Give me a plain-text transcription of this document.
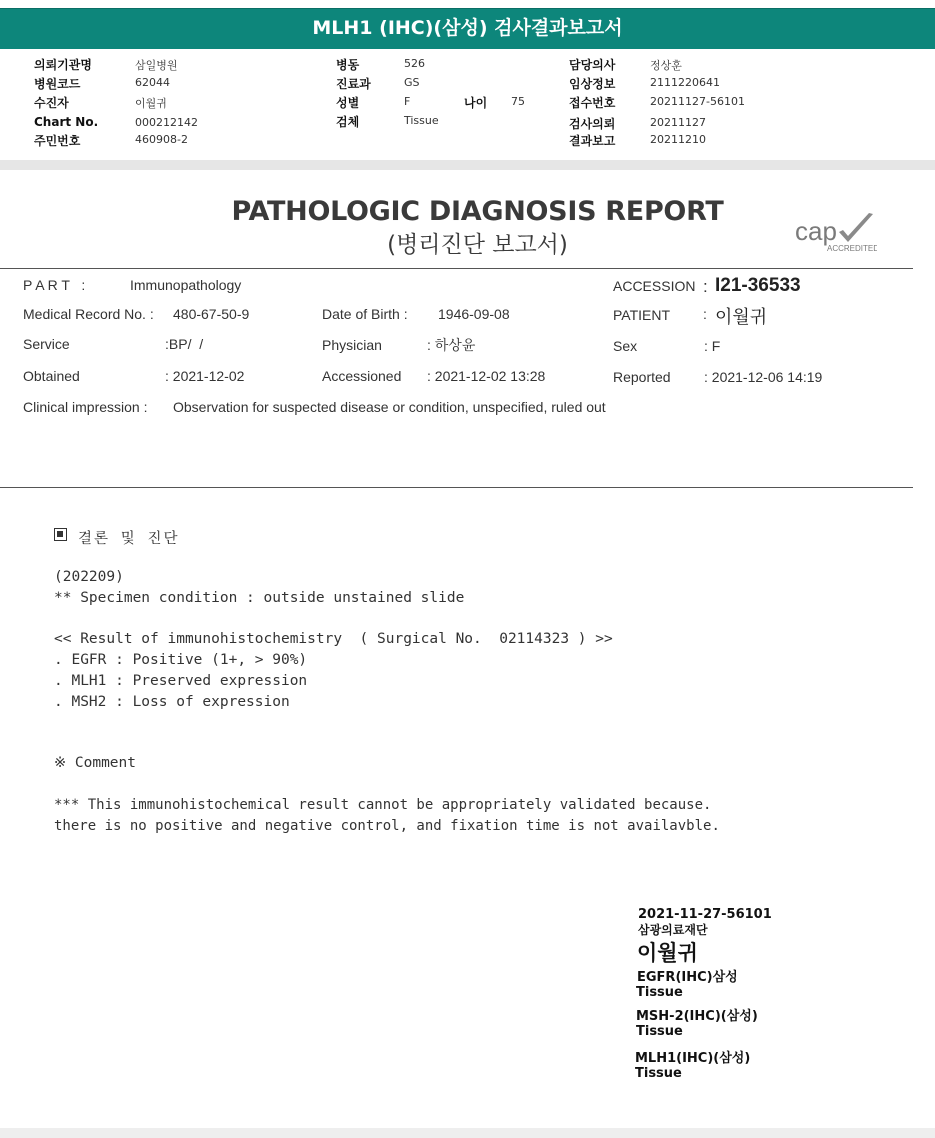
MLH1 (IHC)(삼성) 검사결과보고서
의뢰기관명	삼일병원
병원코드	62044
수진자	이월귀
Chart No.	000212142
주민번호	460908-2
병동	526
진료과	GS
성별	F
검체	Tissue
나이 75
담당의사	정상훈
임상정보	2111220641
접수번호	20211127-56101
검사의뢰	20211127
결과보고	20211210
PATHOLOGIC DIAGNOSIS REPORT
(병리진단 보고서)	cap
ACCREDITED
P A R T   :	Immunopathology	ACCESSION : I21-36533
Medical Record No. : 480-67-50-9	Date of Birth : 1946-09-08	PATIENT : 이월귀
Service	:BP/  /	Physician	: 하상윤	Sex	: F
Obtained	: 2021-12-02	Accessioned : 2021-12-02 13:28	Reported : 2021-12-06 14:19
Clinical impression : Observation for suspected disease or condition, unspecified, ruled out
결론 및 진단
(202209)
** Specimen condition : outside unstained slide
<< Result of immunohistochemistry  ( Surgical No.  02114323 ) >>
. EGFR : Positive (1+, > 90%)
. MLH1 : Preserved expression
. MSH2 : Loss of expression
※ Comment
*** This immunohistochemical result cannot be appropriately validated because.
there is no positive and negative control, and fixation time is not availavble.
2021-11-27-56101
삼광의료재단
이월귀
EGFR(IHC)삼성
Tissue
MSH-2(IHC)(삼성)
Tissue
MLH1(IHC)(삼성)
Tissue
